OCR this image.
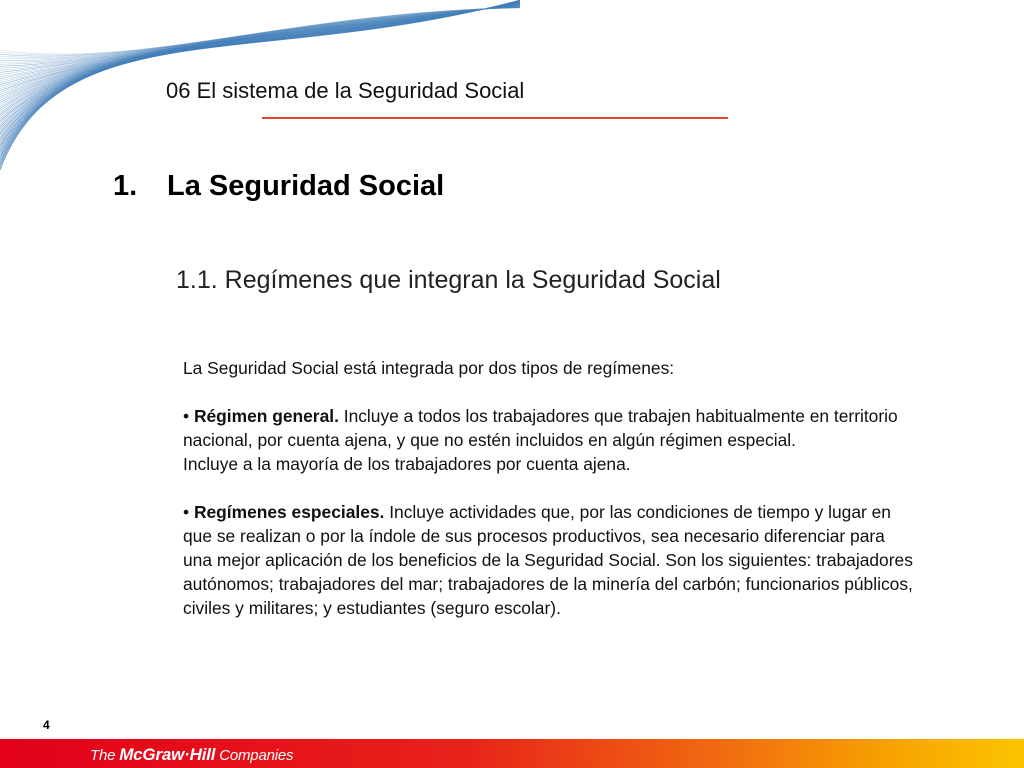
06 El sistema de la Seguridad Social
1. La Seguridad Social
1.1. Regímenes que integran la Seguridad Social

La Seguridad Social está integrada por dos tipos de regímenes:

• Régimen general. Incluye a todos los trabajadores que trabajen habitualmente en territorio nacional, por cuenta ajena, y que no estén incluidos en algún régimen especial.

Incluye a la mayoría de los trabajadores por cuenta ajena.

• Regímenes especiales. Incluye actividades que, por las condiciones de tiempo y lugar en que se realizan o por la índole de sus procesos productivos, sea necesario diferenciar para una mejor aplicación de los beneficios de la Seguridad Social. Son los siguientes: trabajadores autónomos; trabajadores del mar; trabajadores de la minería del carbón; funcionarios públicos, civiles y militares; y estudiantes (seguro escolar).

4
The McGraw·Hill Companies
